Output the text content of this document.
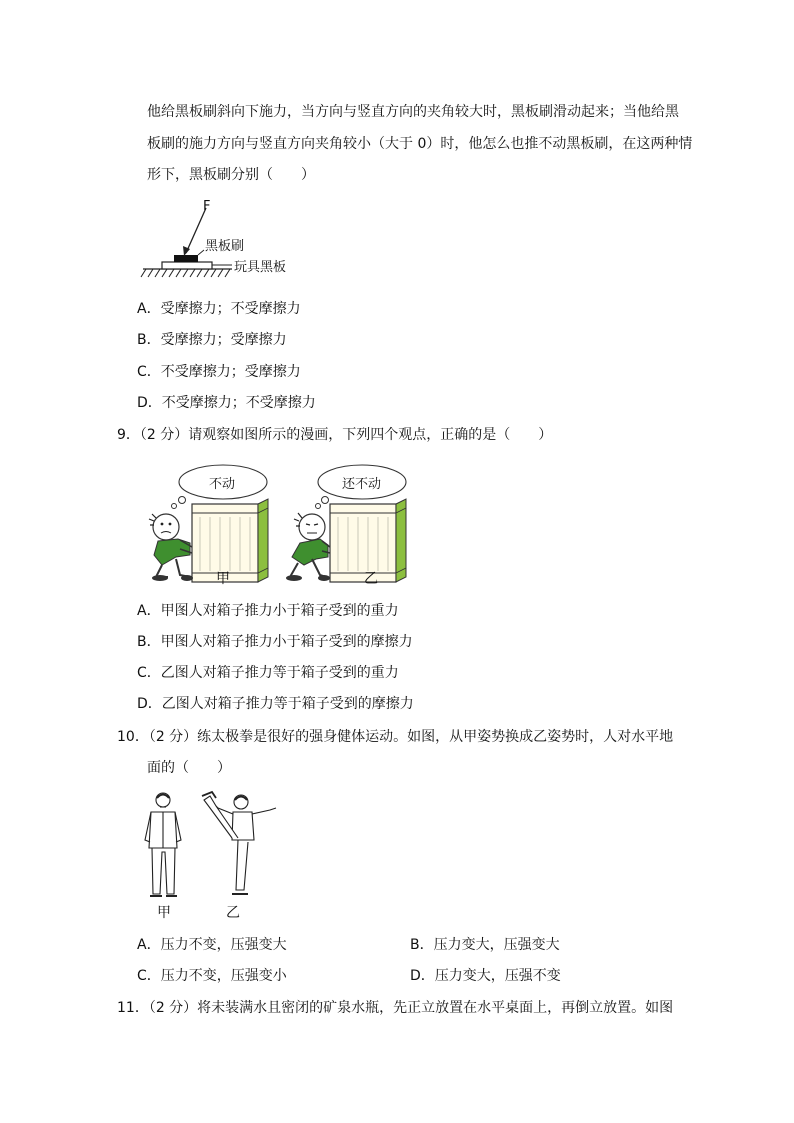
他给黑板刷斜向下施力，当方向与竖直方向的夹角较大时，黑板刷滑动起来；当他给黑
板刷的施力方向与竖直方向夹角较小（大于 0）时，他怎么也推不动黑板刷，在这两种情
形下，黑板刷分别（　　）
F
黑板刷
玩具黑板
A．受摩擦力；不受摩擦力
B．受摩擦力；受摩擦力
C．不受摩擦力；受摩擦力
D．不受摩擦力；不受摩擦力
9．（2 分）请观察如图所示的漫画，下列四个观点，正确的是（　　）
不动	还不动
甲	乙
A．甲图人对箱子推力小于箱子受到的重力
B．甲图人对箱子推力小于箱子受到的摩擦力
C．乙图人对箱子推力等于箱子受到的重力
D．乙图人对箱子推力等于箱子受到的摩擦力
10．（2 分）练太极拳是很好的强身健体运动。如图，从甲姿势换成乙姿势时，人对水平地
面的（　　）
甲	乙
A．压力不变，压强变大	B．压力变大，压强变大
C．压力不变，压强变小	D．压力变大，压强不变
11．（2 分）将未装满水且密闭的矿泉水瓶，先正立放置在水平桌面上，再倒立放置。如图
